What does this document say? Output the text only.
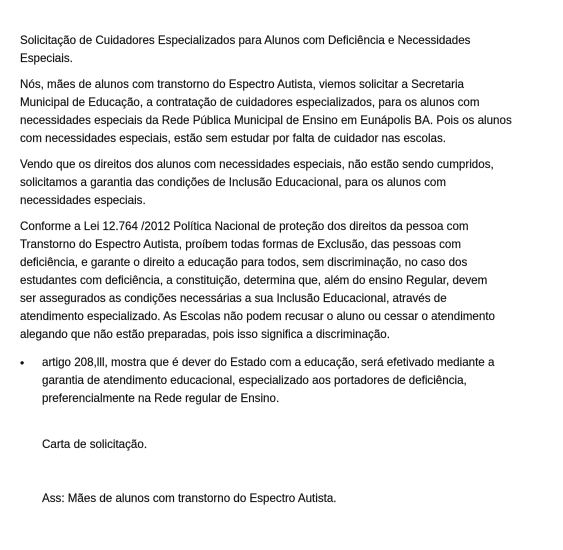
Solicitação de Cuidadores Especializados para Alunos com Deficiência e Necessidades
Especiais.

Nós, mães de alunos com transtorno do Espectro Autista, viemos solicitar a Secretaria
Municipal de Educação, a contratação de cuidadores especializados, para os alunos com
necessidades especiais da Rede Pública Municipal de Ensino em Eunápolis BA. Pois os alunos
com necessidades especiais, estão sem estudar por falta de cuidador nas escolas.

Vendo que os direitos dos alunos com necessidades especiais, não estão sendo cumpridos,
solicitamos a garantia das condições de Inclusão Educacional, para os alunos com
necessidades especiais.

Conforme a Lei 12.764 /2012 Política Nacional de proteção dos direitos da pessoa com
Transtorno do Espectro Autista, proíbem todas formas de Exclusão, das pessoas com
deficiência, e garante o direito a educação para todos, sem discriminação, no caso dos
estudantes com deficiência, a constituição, determina que, além do ensino Regular, devem
ser assegurados as condições necessárias a sua Inclusão Educacional, através de
atendimento especializado. As Escolas não podem recusar o aluno ou cessar o atendimento
alegando que não estão preparadas, pois isso significa a discriminação.

•	artigo 208,lll, mostra que é dever do Estado com a educação, será efetivado mediante a
garantia de atendimento educacional, especializado aos portadores de deficiência,
preferencialmente na Rede regular de Ensino.

Carta de solicitação.

Ass: Mães de alunos com transtorno do Espectro Autista.
